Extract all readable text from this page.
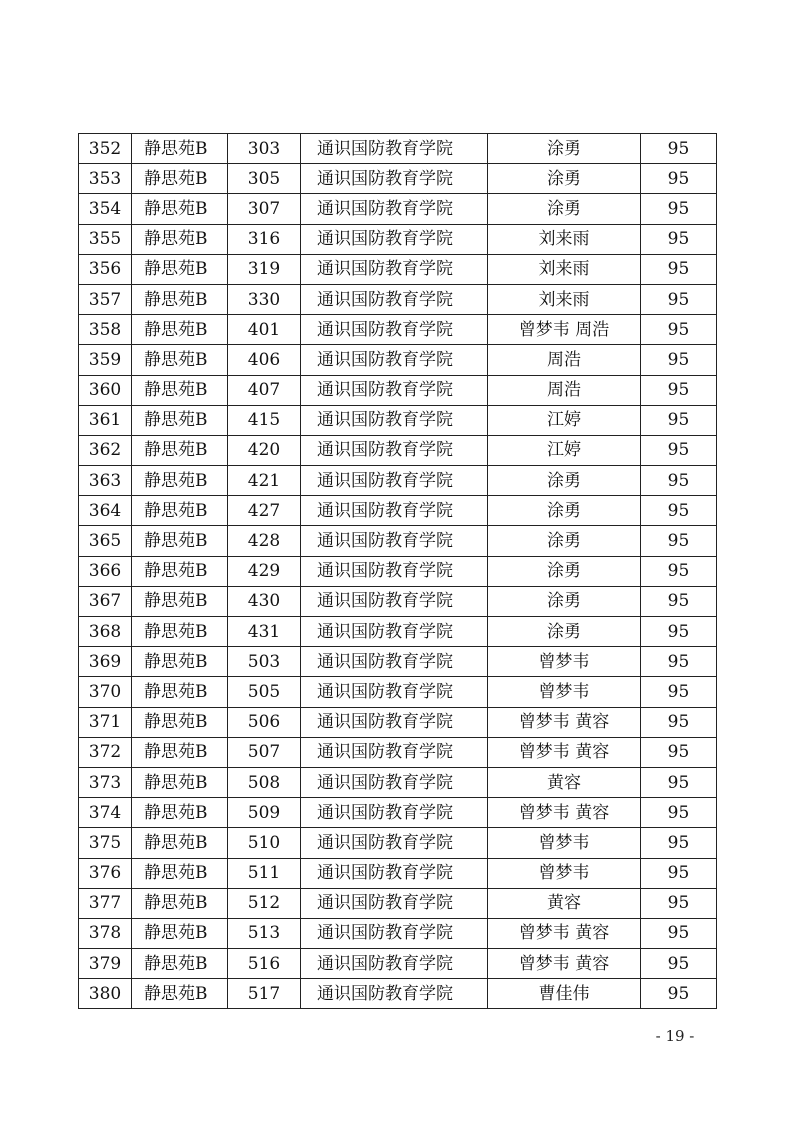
352	静思苑B	303	通识国防教育学院	涂勇	95
353	静思苑B	305	通识国防教育学院	涂勇	95
354	静思苑B	307	通识国防教育学院	涂勇	95
355	静思苑B	316	通识国防教育学院	刘来雨	95
356	静思苑B	319	通识国防教育学院	刘来雨	95
357	静思苑B	330	通识国防教育学院	刘来雨	95
358	静思苑B	401	通识国防教育学院	曾梦韦 周浩	95
359	静思苑B	406	通识国防教育学院	周浩	95
360	静思苑B	407	通识国防教育学院	周浩	95
361	静思苑B	415	通识国防教育学院	江婷	95
362	静思苑B	420	通识国防教育学院	江婷	95
363	静思苑B	421	通识国防教育学院	涂勇	95
364	静思苑B	427	通识国防教育学院	涂勇	95
365	静思苑B	428	通识国防教育学院	涂勇	95
366	静思苑B	429	通识国防教育学院	涂勇	95
367	静思苑B	430	通识国防教育学院	涂勇	95
368	静思苑B	431	通识国防教育学院	涂勇	95
369	静思苑B	503	通识国防教育学院	曾梦韦	95
370	静思苑B	505	通识国防教育学院	曾梦韦	95
371	静思苑B	506	通识国防教育学院	曾梦韦 黄容	95
372	静思苑B	507	通识国防教育学院	曾梦韦 黄容	95
373	静思苑B	508	通识国防教育学院	黄容	95
374	静思苑B	509	通识国防教育学院	曾梦韦 黄容	95
375	静思苑B	510	通识国防教育学院	曾梦韦	95
376	静思苑B	511	通识国防教育学院	曾梦韦	95
377	静思苑B	512	通识国防教育学院	黄容	95
378	静思苑B	513	通识国防教育学院	曾梦韦 黄容	95
379	静思苑B	516	通识国防教育学院	曾梦韦 黄容	95
380	静思苑B	517	通识国防教育学院	曹佳伟	95
- 19 -
